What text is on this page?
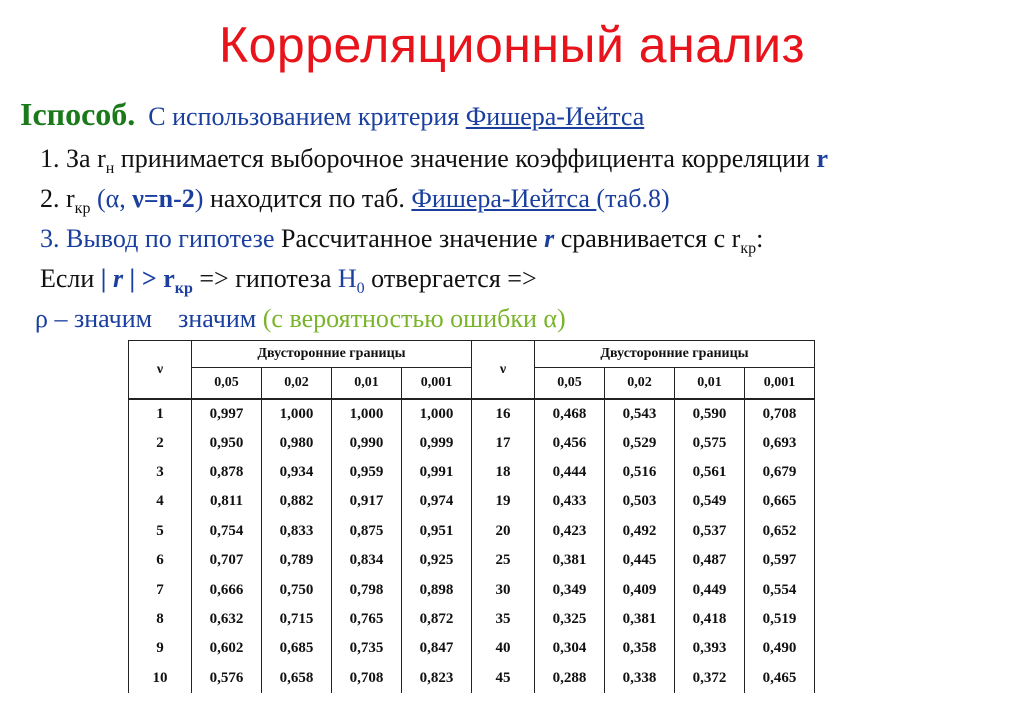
Корреляционный анализ
Iспособ. С использованием критерия Фишера-Иейтса
1. За $r_н$ принимается выборочное значение коэффициента корреляции r
2. $r_{кр}$ (α, ν=n-2) находится по таб. Фишера-Иейтса (таб.8)
3. Вывод по гипотезе Рассчитанное значение r сравнивается с $r_{кр}$:
Если | r | > $r_{кр}$ => гипотеза $H_0$ отвергается =>
ρ – значим значим (с вероятностью ошибки α)
ν	Двусторонние границы				ν	Двусторонние границы			
	0,05	0,02	0,01	0,001		0,05	0,02	0,01	0,001
1	0,997	1,000	1,000	1,000	16	0,468	0,543	0,590	0,708
2	0,950	0,980	0,990	0,999	17	0,456	0,529	0,575	0,693
3	0,878	0,934	0,959	0,991	18	0,444	0,516	0,561	0,679
4	0,811	0,882	0,917	0,974	19	0,433	0,503	0,549	0,665
5	0,754	0,833	0,875	0,951	20	0,423	0,492	0,537	0,652
6	0,707	0,789	0,834	0,925	25	0,381	0,445	0,487	0,597
7	0,666	0,750	0,798	0,898	30	0,349	0,409	0,449	0,554
8	0,632	0,715	0,765	0,872	35	0,325	0,381	0,418	0,519
9	0,602	0,685	0,735	0,847	40	0,304	0,358	0,393	0,490
10	0,576	0,658	0,708	0,823	45	0,288	0,338	0,372	0,465
